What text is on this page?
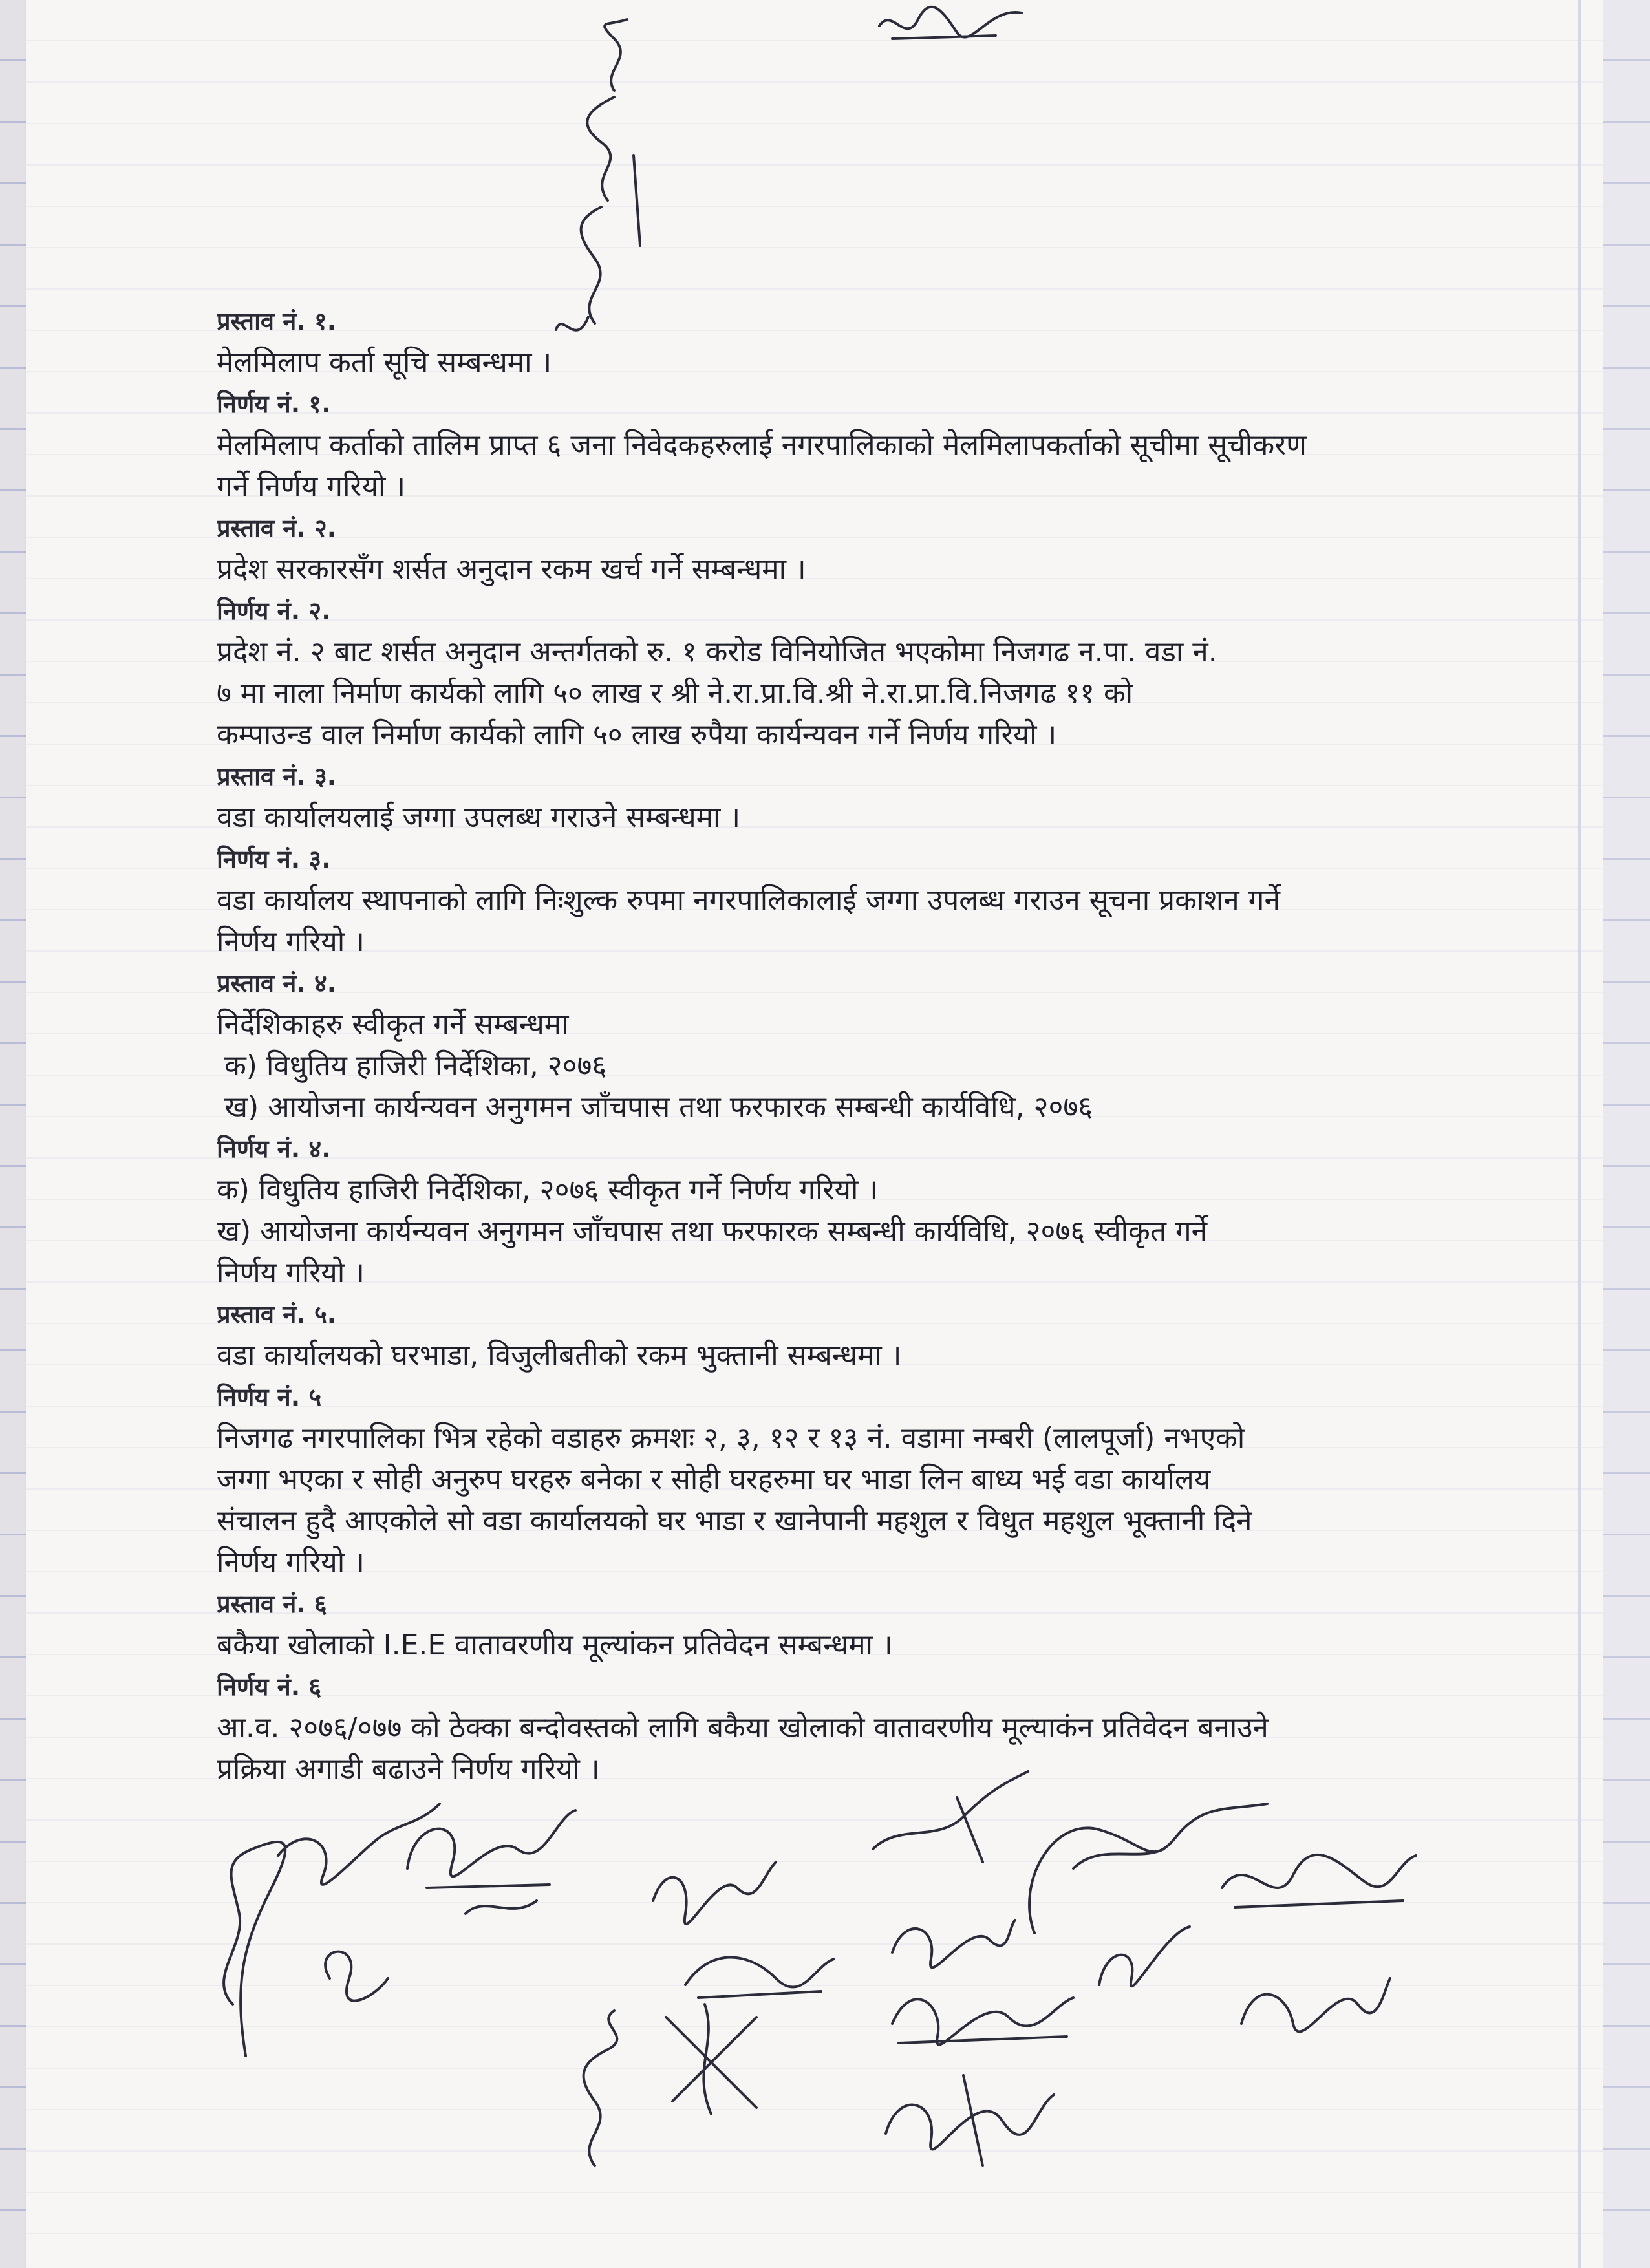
प्रस्ताव नं. १.
मेलमिलाप कर्ता सूचि सम्बन्धमा ।
निर्णय नं. १.
मेलमिलाप कर्ताको तालिम प्राप्त ६ जना निवेदकहरुलाई नगरपालिकाको मेलमिलापकर्ताको सूचीमा सूचीकरण
गर्ने निर्णय गरियो ।
प्रस्ताव नं. २.
प्रदेश सरकारसँग शर्सत अनुदान रकम खर्च गर्ने सम्बन्धमा ।
निर्णय नं. २.
प्रदेश नं. २ बाट शर्सत अनुदान अन्तर्गतको रु. १ करोड विनियोजित भएकोमा निजगढ न.पा. वडा नं.
७ मा नाला निर्माण कार्यको लागि ५० लाख र श्री ने.रा.प्रा.वि.श्री ने.रा.प्रा.वि.निजगढ ११ को
कम्पाउन्ड वाल निर्माण कार्यको लागि ५० लाख रुपैया कार्यन्यवन गर्ने निर्णय गरियो ।
प्रस्ताव नं. ३.
वडा कार्यालयलाई जग्गा उपलब्ध गराउने सम्बन्धमा ।
निर्णय नं. ३.
वडा कार्यालय स्थापनाको लागि निःशुल्क रुपमा नगरपालिकालाई जग्गा उपलब्ध गराउन सूचना प्रकाशन गर्ने
निर्णय गरियो ।
प्रस्ताव नं. ४.
निर्देशिकाहरु स्वीकृत गर्ने सम्बन्धमा
क) विधुतिय हाजिरी निर्देशिका, २०७६
ख) आयोजना कार्यन्यवन अनुगमन जाँचपास तथा फरफारक सम्बन्धी कार्यविधि, २०७६
निर्णय नं. ४.
क) विधुतिय हाजिरी निर्देशिका, २०७६ स्वीकृत गर्ने निर्णय गरियो ।
ख) आयोजना कार्यन्यवन अनुगमन जाँचपास तथा फरफारक सम्बन्धी कार्यविधि, २०७६ स्वीकृत गर्ने
निर्णय गरियो ।
प्रस्ताव नं. ५.
वडा कार्यालयको घरभाडा, विजुलीबतीको रकम भुक्तानी सम्बन्धमा ।
निर्णय नं. ५
निजगढ नगरपालिका भित्र रहेको वडाहरु क्रमशः २, ३, १२ र १३ नं. वडामा नम्बरी (लालपूर्जा) नभएको
जग्गा भएका र सोही अनुरुप घरहरु बनेका र सोही घरहरुमा घर भाडा लिन बाध्य भई वडा कार्यालय
संचालन हुदै आएकोले सो वडा कार्यालयको घर भाडा र खानेपानी महशुल र विधुत महशुल भूक्तानी दिने
निर्णय गरियो ।
प्रस्ताव नं. ६
बकैया खोलाको I.E.E वातावरणीय मूल्यांकन प्रतिवेदन सम्बन्धमा ।
निर्णय नं. ६
आ.व. २०७६/०७७ को ठेक्का बन्दोवस्तको लागि बकैया खोलाको वातावरणीय मूल्याकंन प्रतिवेदन बनाउने
प्रक्रिया अगाडी बढाउने निर्णय गरियो ।
